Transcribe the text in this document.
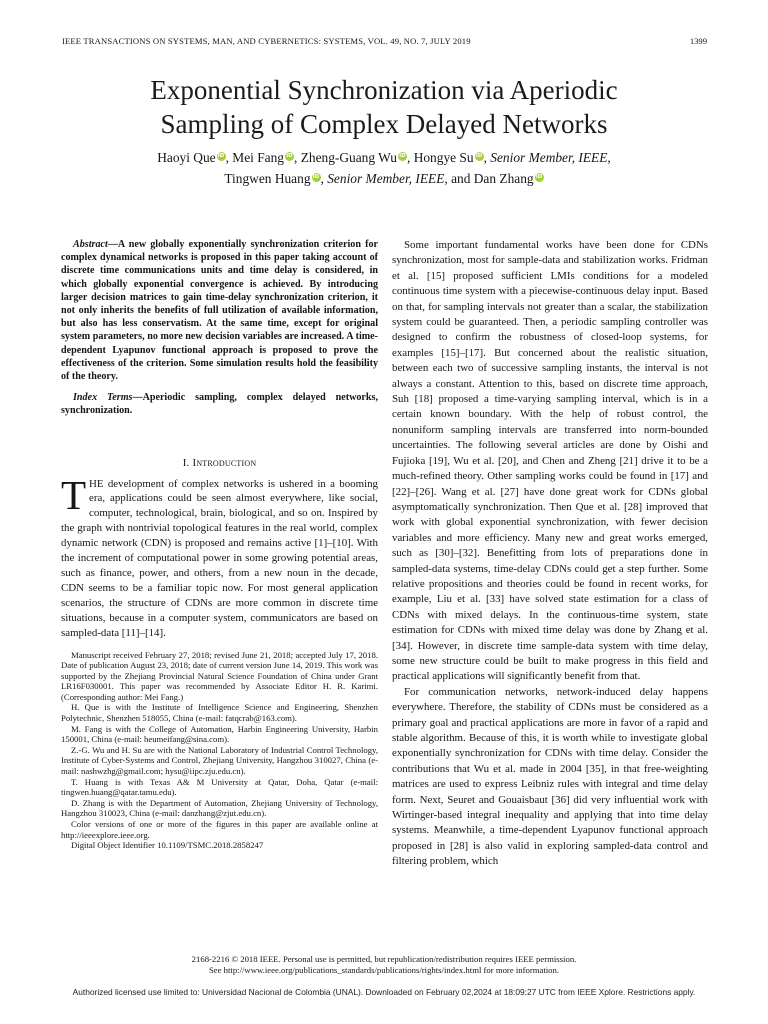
IEEE TRANSACTIONS ON SYSTEMS, MAN, AND CYBERNETICS: SYSTEMS, VOL. 49, NO. 7, JULY 2019	1399
Exponential Synchronization via Aperiodic
Sampling of Complex Delayed Networks
Haoyi Que iD, Mei Fang iD, Zheng-Guang Wu iD, Hongye Su iD, Senior Member, IEEE,
Tingwen Huang iD, Senior Member, IEEE, and Dan Zhang iD

Abstract—A new globally exponentially synchronization criterion for complex dynamical networks is proposed in this paper taking account of discrete time communications units and time delay is considered, in which globally exponential convergence is achieved. By introducing larger decision matrices to gain time-delay synchronization criterion, it not only inherits the benefits of full utilization of available information, but also has less conservatism. At the same time, except for original system parameters, no more new decision variables are increased. A time-dependent Lyapunov functional approach is proposed to prove the effectiveness of the criterion. Some simulation results hold the feasibility of the theory.

Index Terms—Aperiodic sampling, complex delayed networks, synchronization.

I. Introduction

THE development of complex networks is ushered in a booming era, applications could be seen almost everywhere, like social, computer, technological, brain, biological, and so on. Inspired by the graph with nontrivial topological features in the real world, complex dynamic network (CDN) is proposed and remains active [1]–[10]. With the increment of computational power in some growing potential areas, such as finance, power, and others, from a new noun in the decade, CDN seems to be a familiar topic now. For most general application scenarios, the structure of CDNs are more common in discrete time situations, because in a computer system, communicators are based on sampled-data [11]–[14].

Manuscript received February 27, 2018; revised June 21, 2018; accepted July 17, 2018. Date of publication August 23, 2018; date of current version June 14, 2019. This work was supported by the Zhejiang Provincial Natural Science Foundation of China under Grant LR16F030001. This paper was recommended by Associate Editor H. R. Karimi. (Corresponding author: Mei Fang.)

H. Que is with the Institute of Intelligence Science and Engineering, Shenzhen Polytechnic, Shenzhen 518055, China (e-mail: fatqcrab@163.com).

M. Fang is with the College of Automation, Harbin Engineering University, Harbin 150001, China (e-mail: heumeifang@sina.com).

Z.-G. Wu and H. Su are with the National Laboratory of Industrial Control Technology, Institute of Cyber-Systems and Control, Zhejiang University, Hangzhou 310027, China (e-mail: nashwzhg@gmail.com; hysu@iipc.zju.edu.cn).

T. Huang is with Texas A& M University at Qatar, Doha, Qatar (e-mail: tingwen.huang@qatar.tamu.edu).

D. Zhang is with the Department of Automation, Zhejiang University of Technology, Hangzhou 310023, China (e-mail: danzhang@zjut.edu.cn).

Color versions of one or more of the figures in this paper are available online at http://ieeexplore.ieee.org.

Digital Object Identifier 10.1109/TSMC.2018.2858247

Some important fundamental works have been done for CDNs synchronization, most for sample-data and stabilization works. Fridman et al. [15] proposed sufficient LMIs conditions for a modeled continuous time system with a piecewise-continuous delay input. Based on that, for sampling intervals not greater than a scalar, the stabilization system could be guaranteed. Then, a periodic sampling controller was designed to confirm the robustness of closed-loop systems, for examples [15]–[17]. But concerned about the realistic situation, between each two of successive sampling instants, the interval is not always a constant. Attention to this, based on discrete time approach, Suh [18] proposed a time-varying sampling interval, which is in a certain known boundary. With the help of robust control, the nonuniform sampling intervals are transferred into norm-bounded uncertainties. The following several articles are done by Oishi and Fujioka [19], Wu et al. [20], and Chen and Zheng [21] drive it to be a much-refined theory. Other sampling works could be found in [17] and [22]–[26]. Wang et al. [27] have done great work for CDNs global asymptomatically synchronization. Then Que et al. [28] improved that work with global exponential synchronization, with fewer decision variables and more efficiency. Many new and great works emerged, such as [30]–[32]. Benefitting from lots of preparations done in sampled-data systems, time-delay CDNs could get a step further. Some relative propositions and theories could be found in recent works, for example, Liu et al. [33] have solved state estimation for a class of CDNs with mixed delays. In the continuous-time system, state estimation for CDNs with mixed time delay was done by Zhang et al. [34]. However, in discrete time sample-data system with time delay, some new structure could be built to make progress in this field and practical applications will significantly benefit from that.

For communication networks, network-induced delay happens everywhere. Therefore, the stability of CDNs must be considered as a primary goal and practical applications are more in favor of a rapid and stable algorithm. Because of this, it is worth while to investigate global exponentially synchronization for CDNs with time delay. Consider the contributions that Wu et al. made in 2004 [35], in that free-weighting matrices are used to express Leibniz rules with integral and time delay form. Next, Seuret and Gouaisbaut [36] did very influential work with Wirtinger-based integral inequality and applying that into time delay systems. Meanwhile, a time-dependent Lyapunov functional approach proposed in [28] is also valid in exploring sampled-data control and filtering problem, which

2168-2216 © 2018 IEEE. Personal use is permitted, but republication/redistribution requires IEEE permission.
See http://www.ieee.org/publications_standards/publications/rights/index.html for more information.
Authorized licensed use limited to: Universidad Nacional de Colombia (UNAL). Downloaded on February 02,2024 at 18:09:27 UTC from IEEE Xplore. Restrictions apply.
